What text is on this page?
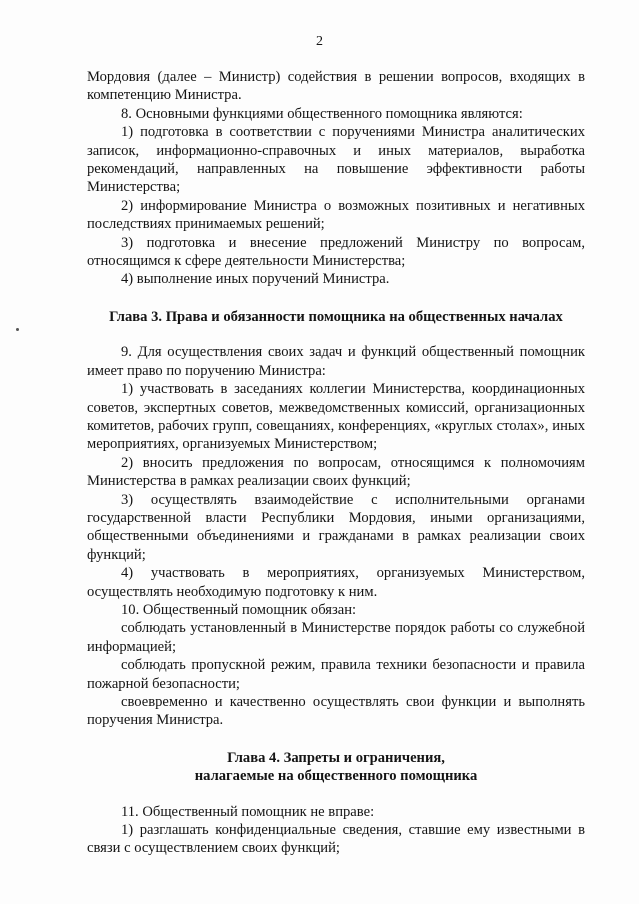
2

Мордовия (далее – Министр) содействия в решении вопросов, входящих в компетенцию Министра.

8. Основными функциями общественного помощника являются:

1) подготовка в соответствии с поручениями Министра аналитических записок, информационно-справочных и иных материалов, выработка рекомендаций, направленных на повышение эффективности работы Министерства;

2) информирование Министра о возможных позитивных и негативных последствиях принимаемых решений;

3) подготовка и внесение предложений Министру по вопросам, относящимся к сфере деятельности Министерства;

4) выполнение иных поручений Министра.

Глава 3. Права и обязанности помощника на общественных началах

9. Для осуществления своих задач и функций общественный помощник имеет право по поручению Министра:

1) участвовать в заседаниях коллегии Министерства, координационных советов, экспертных советов, межведомственных комиссий, организационных комитетов, рабочих групп, совещаниях, конференциях, «круглых столах», иных мероприятиях, организуемых Министерством;

2) вносить предложения по вопросам, относящимся к полномочиям Министерства в рамках реализации своих функций;

3) осуществлять взаимодействие с исполнительными органами государственной власти Республики Мордовия, иными организациями, общественными объединениями и гражданами в рамках реализации своих функций;

4) участвовать в мероприятиях, организуемых Министерством, осуществлять необходимую подготовку к ним.

10. Общественный помощник обязан:

соблюдать установленный в Министерстве порядок работы со служебной информацией;

соблюдать пропускной режим, правила техники безопасности и правила пожарной безопасности;

своевременно и качественно осуществлять свои функции и выполнять поручения Министра.

Глава 4. Запреты и ограничения,

налагаемые на общественного помощника

11. Общественный помощник не вправе:

1) разглашать конфиденциальные сведения, ставшие ему известными в связи с осуществлением своих функций;
